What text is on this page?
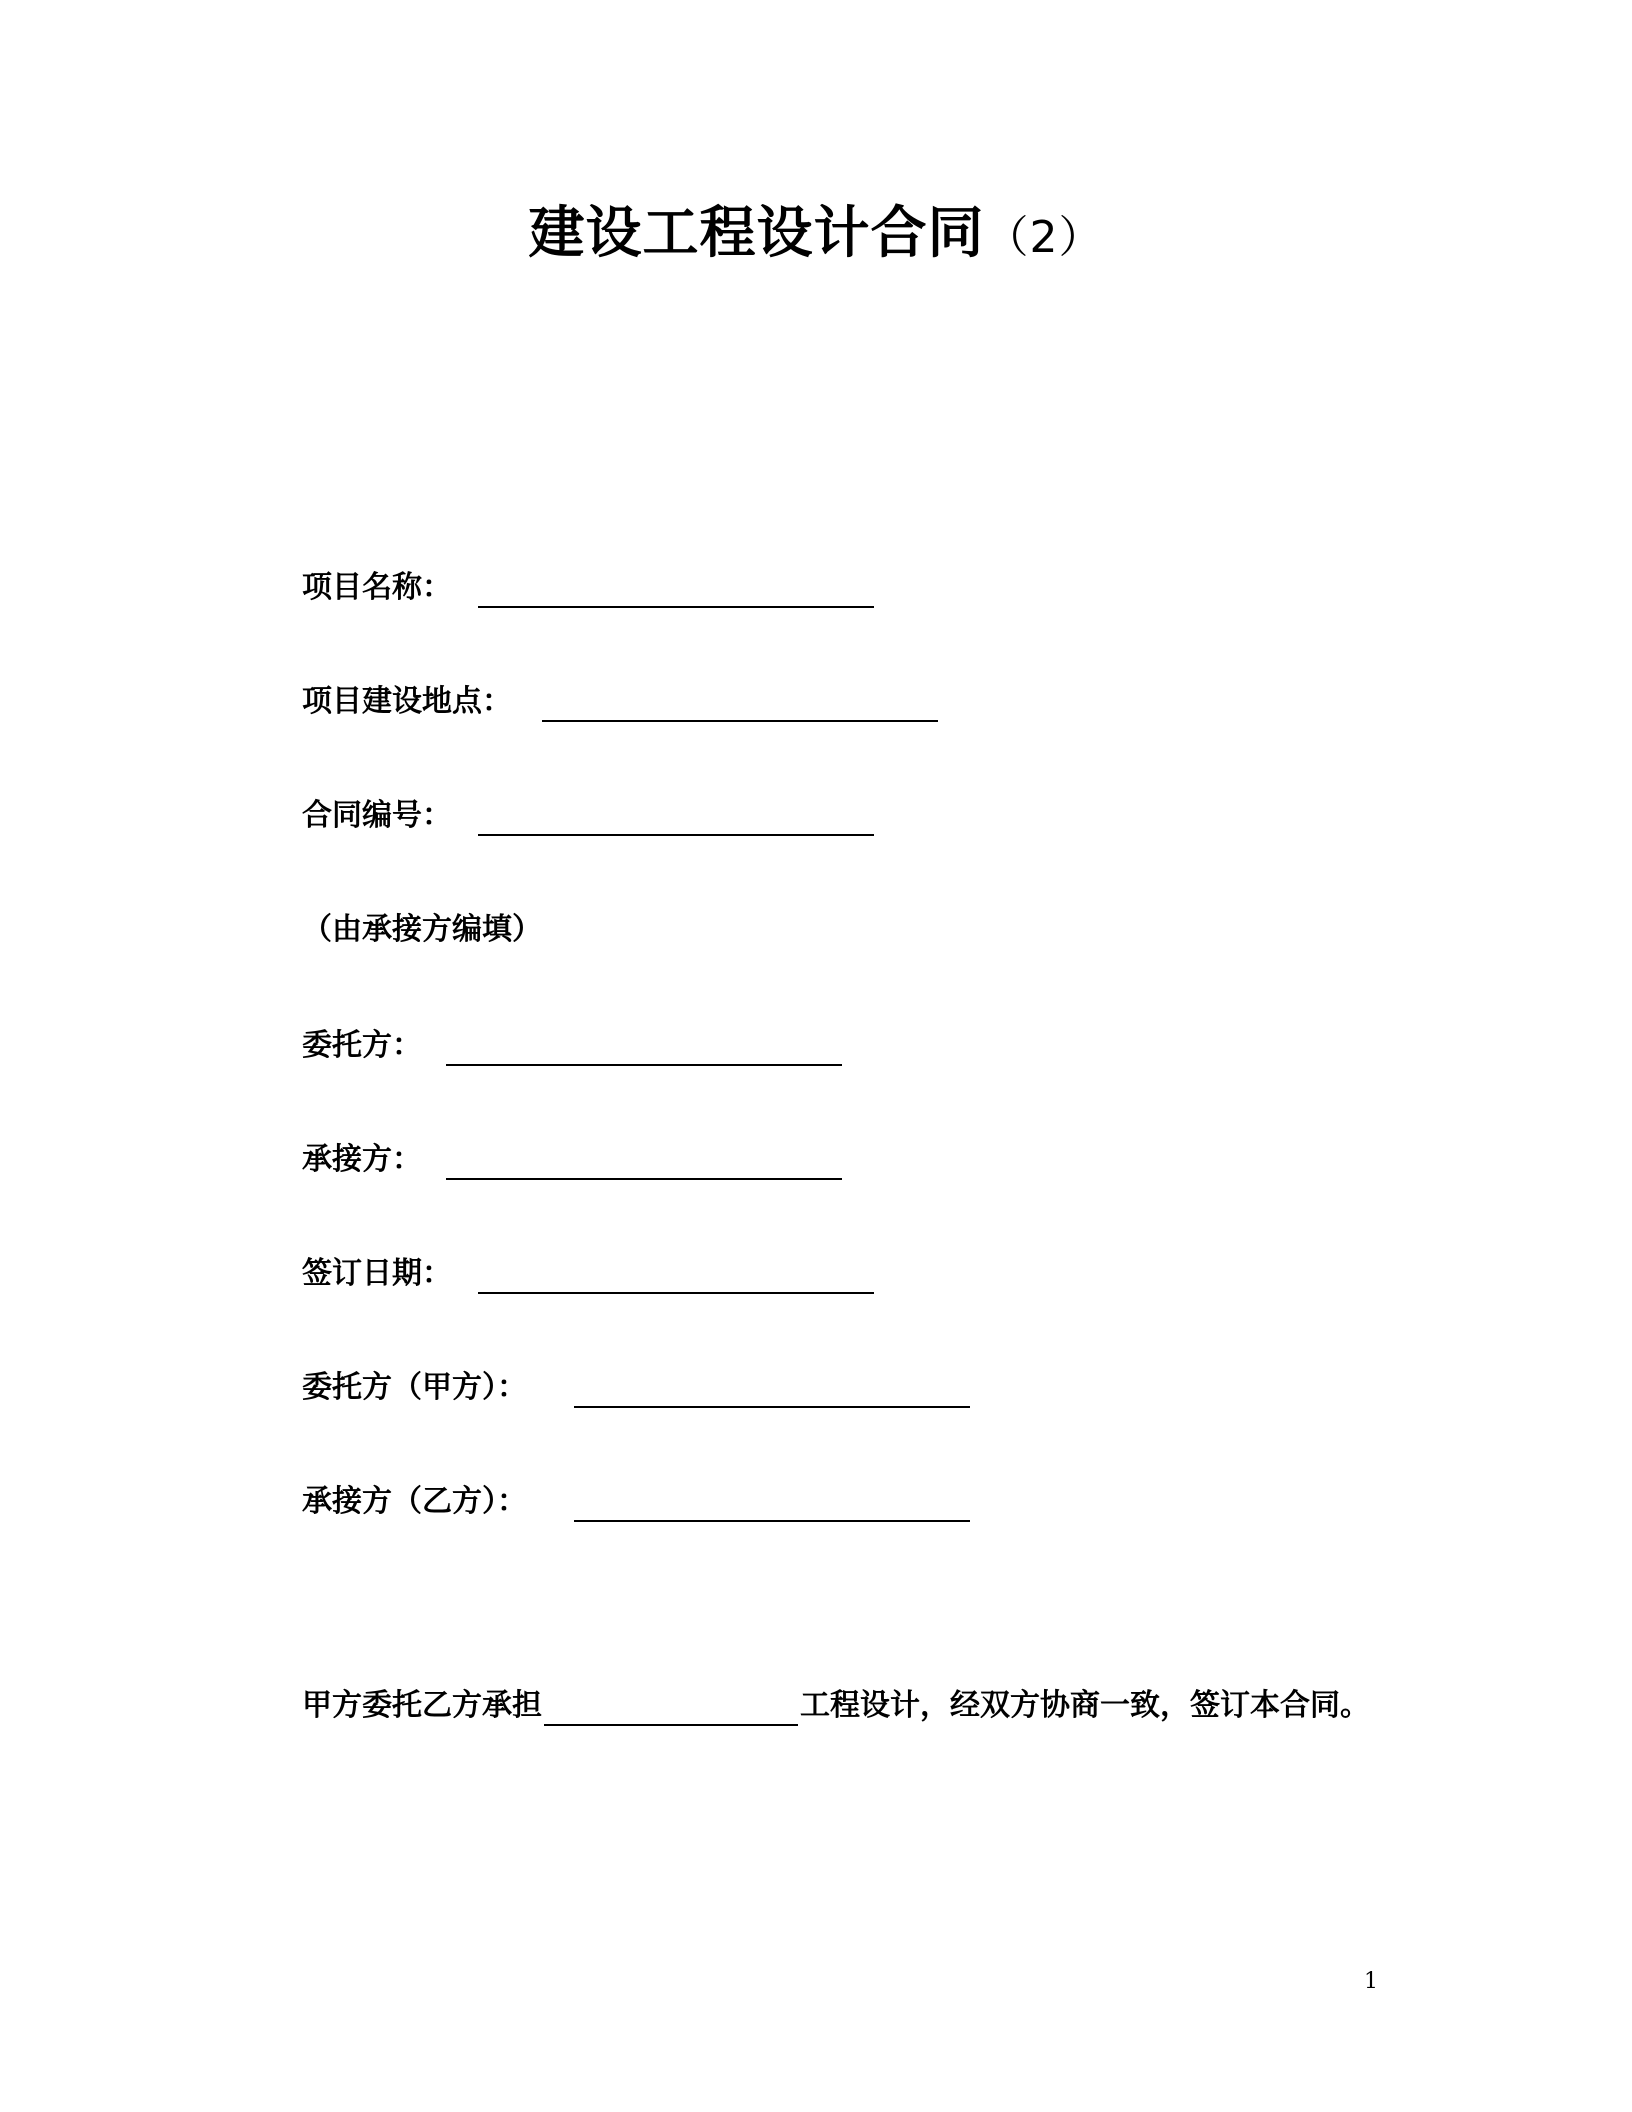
建设工程设计合同（2）
项目名称：
项目建设地点：
合同编号：
（由承接方编填）
委托方：
承接方：
签订日期：
委托方（甲方）：
承接方（乙方）：
甲方委托乙方承担	工程设计，经双方协商一致，签订本合同。
1
